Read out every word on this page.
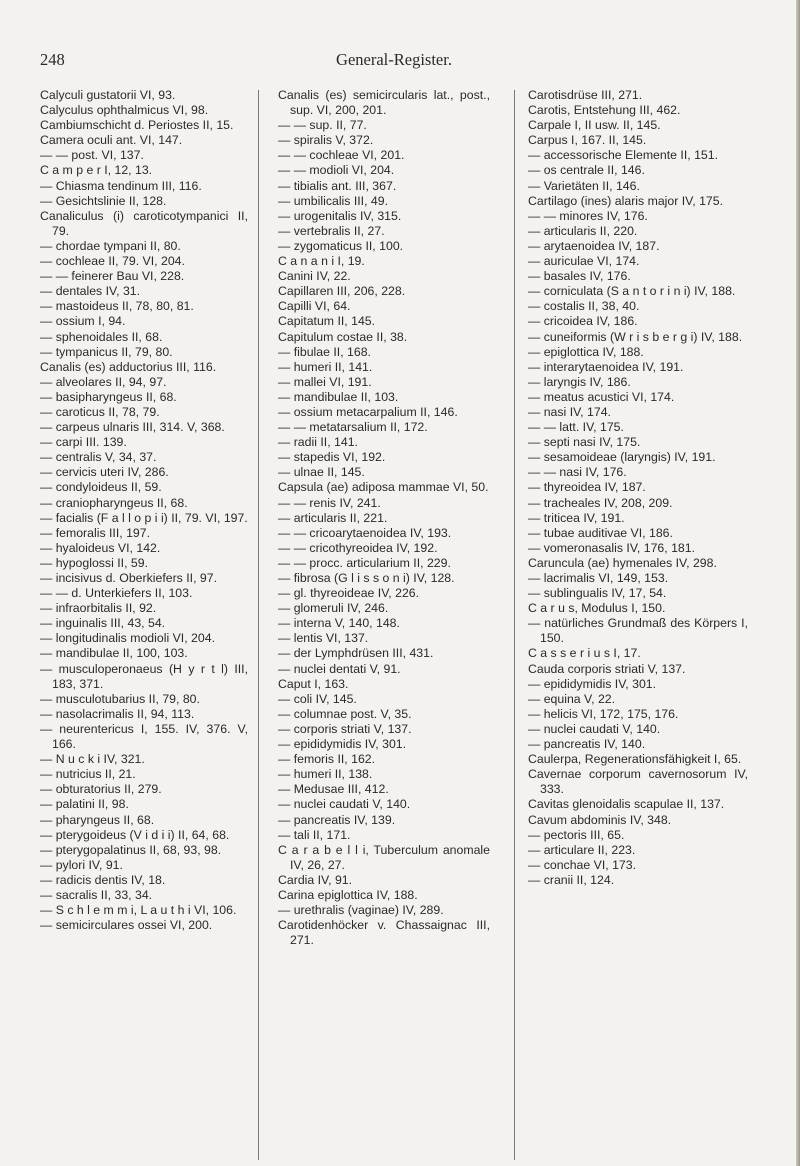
248	General-Register.
Calyculi gustatorii VI, 93.
Calyculus ophthalmicus VI, 98.
Cambiumschicht d. Periostes II, 15.
Camera oculi ant. VI, 147.
— — post. VI, 137.
C a m p e r I, 12, 13.
— Chiasma tendinum III, 116.
— Gesichtslinie II, 128.
Canaliculus (i) caroticotympanici II, 79.
— chordae tympani II, 80.
— cochleae II, 79. VI, 204.
— — feinerer Bau VI, 228.
— dentales IV, 31.
— mastoideus II, 78, 80, 81.
— ossium I, 94.
— sphenoidales II, 68.
— tympanicus II, 79, 80.
Canalis (es) adductorius III, 116.
— alveolares II, 94, 97.
— basipharyngeus II, 68.
— caroticus II, 78, 79.
— carpeus ulnaris III, 314. V, 368.
— carpi III. 139.
— centralis V, 34, 37.
— cervicis uteri IV, 286.
— condyloideus II, 59.
— craniopharyngeus II, 68.
— facialis (F a l l o p i i) II, 79. VI, 197.
— femoralis III, 197.
— hyaloideus VI, 142.
— hypoglossi II, 59.
— incisivus d. Oberkiefers II, 97.
— — d. Unterkiefers II, 103.
— infraorbitalis II, 92.
— inguinalis III, 43, 54.
— longitudinalis modioli VI, 204.
— mandibulae II, 100, 103.
— musculoperonaeus (H y r t l) III, 183, 371.
— musculotubarius II, 79, 80.
— nasolacrimalis II, 94, 113.
— neurentericus I, 155. IV, 376. V, 166.
— N u c k i IV, 321.
— nutricius II, 21.
— obturatorius II, 279.
— palatini II, 98.
— pharyngeus II, 68.
— pterygoideus (V i d i i) II, 64, 68.
— pterygopalatinus II, 68, 93, 98.
— pylori IV, 91.
— radicis dentis IV, 18.
— sacralis II, 33, 34.
— S c h l e m m i, L a u t h i VI, 106.
— semicirculares ossei VI, 200.
Canalis (es) semicircularis lat., post., sup. VI, 200, 201.
— — sup. II, 77.
— spiralis V, 372.
— — cochleae VI, 201.
— — modioli VI, 204.
— tibialis ant. III, 367.
— umbilicalis III, 49.
— urogenitalis IV, 315.
— vertebralis II, 27.
— zygomaticus II, 100.
C a n a n i I, 19.
Canini IV, 22.
Capillaren III, 206, 228.
Capilli VI, 64.
Capitatum II, 145.
Capitulum costae II, 38.
— fibulae II, 168.
— humeri II, 141.
— mallei VI, 191.
— mandibulae II, 103.
— ossium metacarpalium II, 146.
— — metatarsalium II, 172.
— radii II, 141.
— stapedis VI, 192.
— ulnae II, 145.
Capsula (ae) adiposa mammae VI, 50.
— — renis IV, 241.
— articularis II, 221.
— — cricoarytaenoidea IV, 193.
— — cricothyreoidea IV, 192.
— — procc. articularium II, 229.
— fibrosa (G l i s s o n i) IV, 128.
— gl. thyreoideae IV, 226.
— glomeruli IV, 246.
— interna V, 140, 148.
— lentis VI, 137.
— der Lymphdrüsen III, 431.
— nuclei dentati V, 91.
Caput I, 163.
— coli IV, 145.
— columnae post. V, 35.
— corporis striati V, 137.
— epididymidis IV, 301.
— femoris II, 162.
— humeri II, 138.
— Medusae III, 412.
— nuclei caudati V, 140.
— pancreatis IV, 139.
— tali II, 171.
C a r a b e l l i, Tuberculum anomale IV, 26, 27.
Cardia IV, 91.
Carina epiglottica IV, 188.
— urethralis (vaginae) IV, 289.
Carotidenhöcker v. Chassaignac III, 271.
Carotisdrüse III, 271.
Carotis, Entstehung III, 462.
Carpale I, II usw. II, 145.
Carpus I, 167. II, 145.
— accessorische Elemente II, 151.
— os centrale II, 146.
— Varietäten II, 146.
Cartilago (ines) alaris major IV, 175.
— — minores IV, 176.
— articularis II, 220.
— arytaenoidea IV, 187.
— auriculae VI, 174.
— basales IV, 176.
— corniculata (S a n t o r i n i) IV, 188.
— costalis II, 38, 40.
— cricoidea IV, 186.
— cuneiformis (W r i s b e r g i) IV, 188.
— epiglottica IV, 188.
— interarytaenoidea IV, 191.
— laryngis IV, 186.
— meatus acustici VI, 174.
— nasi IV, 174.
— — latt. IV, 175.
— septi nasi IV, 175.
— sesamoideae (laryngis) IV, 191.
— — nasi IV, 176.
— thyreoidea IV, 187.
— tracheales IV, 208, 209.
— triticea IV, 191.
— tubae auditivae VI, 186.
— vomeronasalis IV, 176, 181.
Caruncula (ae) hymenales IV, 298.
— lacrimalis VI, 149, 153.
— sublingualis IV, 17, 54.
C a r u s, Modulus I, 150.
— natürliches Grundmaß des Körpers I, 150.
C a s s e r i u s I, 17.
Cauda corporis striati V, 137.
— epididymidis IV, 301.
— equina V, 22.
— helicis VI, 172, 175, 176.
— nuclei caudati V, 140.
— pancreatis IV, 140.
Caulerpa, Regenerationsfähigkeit I, 65.
Cavernae corporum cavernosorum IV, 333.
Cavitas glenoidalis scapulae II, 137.
Cavum abdominis IV, 348.
— pectoris III, 65.
— articulare II, 223.
— conchae VI, 173.
— cranii II, 124.
